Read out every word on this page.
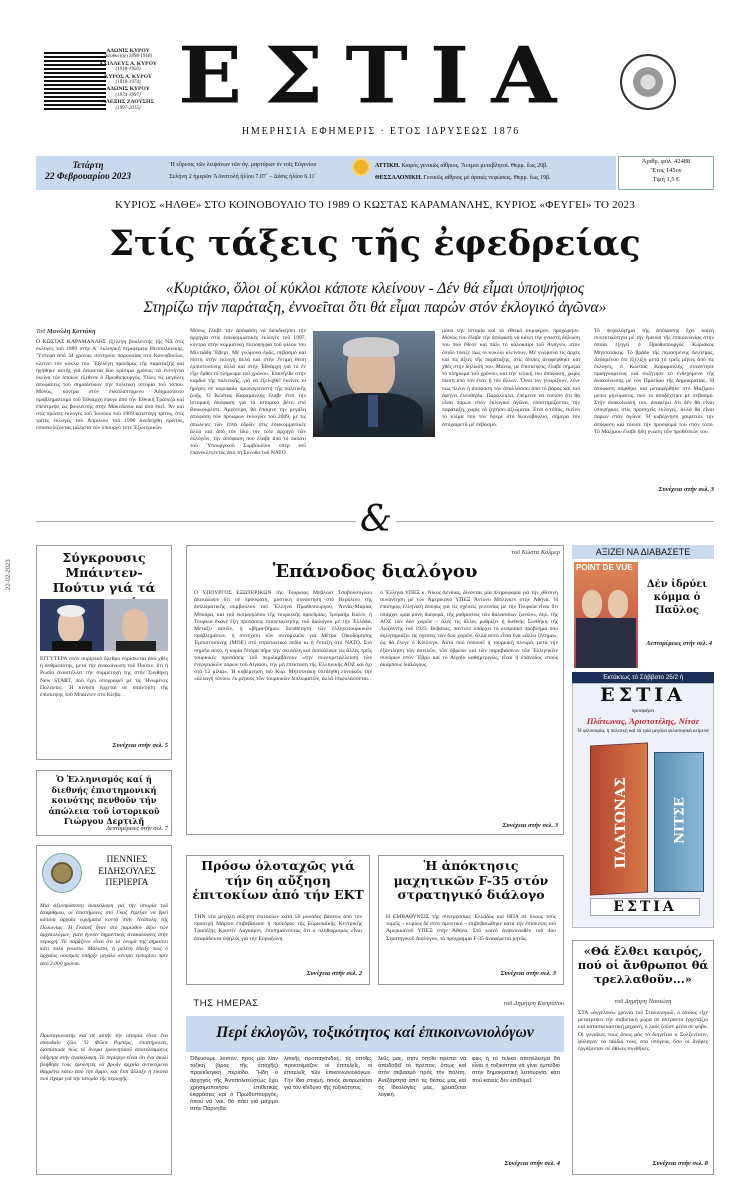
ΑΔΩΝΙΣ ΚΥΡΟΥ
Διευθυντής (1898-1918)
ΑΧΙΛΛΕΥΣ Α. ΚΥΡΟΥ
(1918-1950)
ΚΥΡΟΣ Α. ΚΥΡΟΥ
(1918-1974)
ΑΔΩΝΙΣ ΚΥΡΟΥ
(1974-1997)
ΑΛΕΞΗΣ ΖΑΟΥΣΗΣ
(1997-2015) ΕΣΤΙΑ
ΗΜΕΡΗΣΙΑ ΕΦΗΜΕΡΙΣ · ΕΤΟΣ ΙΔΡΥΣΕΩΣ 1876
Τετάρτη
22 Φεβρουαρίου 2023
Ἡ εὕρεσις τῶν λειψάνων τῶν ἁγ. μαρτύρων ἐν τοῖς Εὐγενίου
Σελήνη 2 ἡμερῶν ἈΑνατολή ἡλίου 7.07΄ – Δύσις ἡλίου 6.11΄
ΑΤΤΙΚΗ. Καιρός γενικῶς αἴθριος. Ἄνεμοι μεταβλητοί. Θερμ. ἕως 20β.
ΘΕΣΣΑΛΟΝΙΚΗ. Γενικῶς αἴθριος μέ ἀραιές νεφώσεις. Θερμ. ἕως 19β.
Ἀριθμ. φύλ. 42488
Ἔτος 145ον
Τιμή 1,5 €
ΚΥΡΙΟΣ «ΗΛΘΕ» ΣΤΟ ΚΟΙΝΟΒΟΥΛΙΟ ΤΟ 1989 Ο ΚΩΣΤΑΣ ΚΑΡΑΜΑΝΛΗΣ, ΚΥΡΙΟΣ «ΦΕΥΓΕΙ» ΤΟ 2023
Στίς τάξεις τῆς ἐφεδρείας
«Κυριάκο, ὅλοι οἱ κύκλοι κάποτε κλείνουν - Δέν θά εἶμαι ὑποψήφιος
Στηρίζω τήν παράταξη, ἐννοεῖται ὅτι θά εἶμαι παρών στόν ἐκλογικό ἀγῶνα»
Τοῦ Μανώλη Κοττάκη
Ο ΚΩΣΤΑΣ ΚΑΡΑΜΑΝΛΗΣ ἐξελέγη βουλευτής τῆς ΝΔ στίς ἐκλογές τοῦ 1989 στήν Α΄ ἐκλογική περιφέρεια Θεσσαλονίκης. Ὕστερα ἀπό 34 χρόνια, συνεχούς παρουσίας στό Κοινοβούλιο, κλείνει τόν κύκλο του. Ἐξελέγη πρόεδρος τῆς παράταξης καί ἡγήθηκε αὐτῆς γιά δεκαετία δύο κρίσιμα χρόνια, τά ἐνενήντα ἐκεῖνα τόν ὁποίων ἐξέθεσε ὁ Πρωθυπουργός. Ὅλες τίς μεγάλες ἀποφάσεις τοῦ σημαδεύουν τήν πολιτική ἱστορία τοῦ τόπου. Μόνος, κόντρα στόν ἐκκολαπτόμενο Ἀδημοσίευτο προβληματισμό τοῦ Ἐθνάρχη ἔφυγε ἀπό τήν Ἐθνική Τράπεζα καί ἐπέστρεψε ὡς βουλευτής στήν Μακεδονία καί ἀπό ἐκεῖ. Ἄν καί στίς πρῶτες ἐκλογές τοῦ Ἰουνίου τοῦ 1989 κατετάγη τρίτος, στίς τρίτες ἐκλογές τοῦ Ἀπριλίου τοῦ 1990 ἀνεδείχθη πρῶτος, ὑποσκελίζοντας μάλιστα τόν ὑπουργό τότε Ἐξωτερικῶν.
Μόνος ἔλαβε τήν ἀπόφαση νά διεκδικήσει τήν ἀρχηγία στίς ἐσωκομματικές ἐκλογές τοῦ 1997, κόντρα στήν κομματική πλειοψηφία τοῦ φίλου του Μιλτιάδη Ἔβερτ. Μέ γνώμονα ἐμᾶς, σεβασμό καί πίστη στήν ἐκλογή ἀλλά καί στήν ἔντιμη θέση ἐμπιστοσύνης ἀλλά καί στήν Ἐθνάρχη γιά τό ἔν εἶχε ἔρθει τό πλήρωμα τοῦ χρόνου. Ἐπανῆλθε στήν καρδιά τῆς πολιτικῆς, γιά νά ἐξελιχθεῖ ἐκείνες οἱ ἡμέρες σέ κορυφαῖο πρωταγωνιστή τῆς πολιτικῆς ζωῆς. Ὁ Κώστας Καραμανλής ἔλαβε ἔτσι τήν ἱστορική ἀπόφαση γιά τό ἱστορικό βέτο στό Βουκουρέστι. Ἀργότερα, θά ἔπαιρνε τήν μεγάλη ἀπόφαση τῶν πρόωρων ἐκλογῶν τοῦ 2009, μέ τίς ἀπώλειες τῶν ἐπτά ἐδρῶν στίς ἐσωκομματικές ἀλλά καί ἀπό τόν ἴδιο τόν τότε ἀρχηγό τῶν ἐκλογῶν, τήν ἀπόφαση πού ἔλαβε ἀπό τό παλάτι τοῦ Ὑπουργικοῦ Συμβουλίου ὑπέρ τοῦ ἐπανεκλεγέντος ἀπό τή Σύνοδο τοῦ ΝΑΤΟ.
μονα τήν ἱστορία καί τό ἐθνικό συμφέρον, προχώρησε. Μόνος του ἔλαβε τήν ἀπόφαση νά κάνει τήν γνωστή δήλωση του πού ἔθεσε καί πάλι τό καλοκαίρι τοῦ Ἀνάγνω, στόν ὁποῖο τόνιζε πώς οἱ κύκλοι κλείνουν. Μέ γνώμονα τίς ἀρχές καί τίς ἀξίες τῆς παράταξης, στίς ὁποῖες ἀναφέρθηκε καί χθές στήν δήλωσή του. Μόνος, μέ ἐπισκέψεις, ἔλαβε σήμερα τό πλήρωμα τοῦ χρόνου, καί τήν τελική του ἀπόφαση, χωρίς πίεση ἀπό τόν ἕναν ἤ τόν ἄλλον. Ὅσοι τόν γνωρίζουν, λένε πώς πλέον ἡ ἀπόφαση τόν ἀπαλλάσσει ἀπό τό βάρος καί τοῦ ἀφήνει ἐλευθερία. Παράλληλα, ἐπέμεινε νά τονίσει ὅτι θά εἶναι παρών στόν ἐκλογικό ἀγῶνα, ὑποστηρίζοντας τήν παράταξη, χωρίς νά ζητήσει ἀξιώματα. Ἐτσι ὁ τόπος, ἐκεῖνο τό κλίμα πού τόν ἔφερε στό Κοινοβούλιο, σήμερα τόν ἀποχαιρετᾶ μέ σεβασμό.
Τό ψυχολόγημα τῆς ἀπόφασης ἔχει κοινή συνεκτικότητα μέ τήν ἔρευνα τῆς ἐπικοινωνίας στήν ὁποία ἐξηγεῖ ὁ Πρωθυπουργός Κυριάκος Μητσοτάκης. Τό βράδυ τῆς περασμένης Δευτέρας, Δεδομένου ὅτι ἐξέλιξη μετά τό τρεῖς μῆνες ἀπό τίς ἐκλογές, ὁ Κώστας Καραμανλής συνάντησε προηγουμένως καί συζήτησε τό ἐνδεχόμενο τῆς ἀνακοίνωσης μέ τόν Πρόεδρο τῆς Δημοκρατίας. Ἡ ἀπόφαση πάρθηκε καί μεταφέρθηκε στό Μαξίμου μέσω μηνύματος, πού τό ἀποδέχτηκε μέ σεβασμό. Στήν ἀνακοίνωσή του, ἀναφέρει ὅτι δέν θά εἶναι ὑποψήφιος στίς προσεχεῖς ἐκλογές, ἀλλά θά εἶναι παρών στόν ἀγῶνα. Ἡ κυβέρνηση χαιρέτισε τήν ἀπόφαση καί τόνισε τήν προσφορά του στόν τόπο. Τό Μαξίμου ἔλαβε ἤδη γνώση τῶν προθέσεών του.
Συνέχεια στήν σελ. 3
&
22-02-2023
Σύγκρουσις Μπάιντεν-Πούτιν γιά τά
ΕΓΓΥΤΕΡΑ στόν πυρηνικό ὄλεθρο εὑρίσκεται ἀπό χθές ἡ ἀνθρωπότης, μετά τήν ἀνακοίνωση τοῦ Πούτιν, ὅτι ἡ Ρωσία ἀναστέλλει τήν συμμετοχή της στήν Συνθήκη New START, πού ἔχει ὑπογραφεῖ μέ τίς Ἡνωμένες Πολιτείες. Ἡ κίνηση ἔρχεται σέ ἀπάντηση τῆς ἐπίσκεψης τοῦ Μπάιντεν στό Κίεβο.
Συνέχεια στήν σελ. 5
Ὁ Ἑλληνισμός καί ἡ διεθνής ἐπιστημονική κοινότης πενθοῦν τήν ἀπώλεια τοῦ ἱστορικοῦ Γιώργου Δερτιλῆ
Λεπτομέρειες στήν σελ. 7
ΠΕΝΝΙΕΣ ΕΙΔΗΣΟΥΛΕΣ ΠΕΡΙΕΡΓΑ
Μιά ἀξιοπρόσεκτη ἀνακάλυψη γιά τήν ἱστορία τοῦ ἀπαρίθμου, οἱ ἐπιστήμονες στό Γκαζ ἔτρεξαν νά βρεῖ κάποια ἀρχαῖα εὑρήματα κοντά στήν Νεάπολη τῆς Πολωνίας. Ἡ Γκασέζ ἦταν στό παρελθόν ἄξιο τῶν ἀρχαιολόγων, γιατί ἔγιναν σημαντικές ἀνακαλύψεις στήν περιοχή. Τό παράξενο εἶναι ὅτι τό ὄνομά της σημαίνει κάτι πολύ γνωστό. Μάλιστα, ἡ μελέτη ἔδειξε πώς ὁ ἀρχαῖος οἰκισμός ὑπῆρξε μεγάλο κέντρο ἐμπορίου πρίν ἀπό 2.000 χρόνια.
Πρωταγωνιστής καί σέ αὐτήν τήν ἱστορία εἶναι ἕνα σπουδαῖο ζῶο. Ὁ Φίλιπ Ριμπέρς, ἐπιστήμονας, διαπίστωσε πώς τό ὄνομα ἐρευνητικοῦ ἀποτελέσματος ὁδήγησε στήν ἀνακάλυψη. Τό περίεργο εἶναι ὅτι ἕνα σκυλί βοήθησε τούς ἐρευνητές νά βροῦν ἀρχαῖα ἀντικείμενα θαμμένα κάτω ἀπό τήν ἄμμο, καί ἔτσι ἄλλαξε ἡ εἰκόνα πού εἴχαμε γιά τήν ἱστορία τῆς περιοχῆς.
τοῦ Κώστα Κόλμερ
Ἐπάνοδος διαλόγου
Ο ΥΠΟΥΡΓΟΣ ΕΞΩΤΕΡΙΚΩΝ τῆς Τουρκίας Μεβλούτ Τσαβούσογλου ἀπεκάλυψε ὅτι σέ πρόσφατη, μυστική συνάντηση στό Βερολίνο τῆς διπλωματικῆς συμβούλου τοῦ Ἕλληνα Πρωθυπουργοῦ, Ἄννας-Μαρίας Μπούρα, καί τοῦ ἐκπροσώπου τῆς τουρκικῆς προεδρίας, Ἰμπραήμ Καλίν, ἡ Τουρκία ἔκανε ἕξη προτάσεις ἐπανεκκίνησης τοῦ διαλόγου μέ τήν Ἑλλάδα. Μεταξύ αὐτῶν, ἡ «βήμα-βήμα» διευθέτηση τῶν ἑλληνοτουρκικῶν προβλημάτων, ἡ συνέχιση τῶν συνομιλιῶν γιά Μέτρα Οἰκοδόμησης Ἐμπιστοσύνης (ΜΟΕ) στό στρατιωτικό πεδίο κι ἡ ἔνταξη στό ΝΑΤΟ. Στό σημεῖο αὐτό, ἡ κυρία Ντόρα πῆρε τήν σκυτάλη καί ἀπεκάλυψε τίς ἄλλες τρεῖς τουρκικές προτάσεις τοῦ περιλαμβάνουν «τήν συνεκμετάλλευση τῶν ἐνεργειακῶν πόρων τοῦ Αἰγαίου, τήν μή ἐπέκταση τῆς Ἑλληνικῆς ΑΟΖ καί ὄχι στά 12 μίλια». Ἡ κυβέρνηση τοῦ Κυρ. Μητσοτάκη ὑπεδέχθη εὐνοϊκῶς τήν «ἀλλαγή τόνου» ἐκ μέρους τῶν τουρκικῶν διπλωματῶν, ἀλλά ἐπιφυλάσσεται.
ὁ Ἕλληνα ΥΠΕΞ κ. Νίκος Δένδιας, δίνοντας μία πληροφορία γιά τήν χθεσινή συνάντηση μέ τόν Ἀμερικανό ΥΠΕΞ Ἄντονυ Μπλίνκεν στήν Ἀθήνα. Ἡ ἐπίσημος ἑλληνική ἄποψις γιά τίς σχέσεις γειτονίας μέ τήν Τουρκία εἶναι ὅτι ὑπάρχει «μία μόνη διαφορά, τῆς ρυθμίσεως τῶν θαλασσίων ζωνῶν», δηλ. τῆς ΑΟΖ τῶν δύο χωρῶν – ὅλες τίς ἄλλες ρυθμίζει ἡ διεθνής Συνθήκη τῆς Λωζάννης τοῦ 1923. Βεβαίως, πάντοτε ὑπάρχει τό κυπριακό πρόβλημα πού δηλητηριάζει τίς σχέσεις τῶν δύο χωρῶν, ἀλλά αὐτό εἶναι ἕνα «ἄλλο ζήτημα», ὡς θά ἔλεγε ὁ Κίπλινγκ. Αὐτό πού ὑπονοεῖ ἡ τουρκική πλευρά, μετά τήν ἐξάντληση τῶν ἀπειλῶν, τῶν ὕβρεων καί τῶν παραβιάσεων τῶν Ἑλληνικῶν συνόρων στόν Ἕβρο καί τό Αἰγαῖο καθημερινῶς, εἶναι ἡ ἐπάνοδος στούς ἀκάρπους διαλόγους.
Συνέχεια στήν σελ. 3
ΑΞΙΖΕΙ ΝΑ ΔΙΑΒΑΣΕΤΕ
POINT DE VUE
Δέν ἰδρύει κόμμα ὁ Παῦλος
Λεπτομέρειες στήν σελ. 4
Ἐκτάκτως τό Σάββατο 25/2 ἡ
ΕΣΤΙΑ
προσφέρει
Πλάτωνας, Ἀριστοτέλης, Νίτσε
Ἡ φιλοσοφία, ἡ πολιτική καί τά τρία μεγάλα φιλοσοφικά κείμενα
ΠΛΑΤΩΝΑΣ	ΝΙΤΣΕ
ΕΣΤΙΑ
Πρόσω ὁλοταχῶς γιά τήν 6η αὔξηση ἐπιτοκίων ἀπό τήν ΕΚΤ
ΤΗΝ νέα μεγάλη αὔξηση ἐπιτοκίων κατά 50 μονάδες βάσεως ἀπό τόν προσεχῆ Μάρτιο ἐπιβεβαίωσε ἡ πρόεδρος τῆς Εὐρωπαϊκῆς Κεντρικῆς Τραπέζης Κριστίν Λαγκάρντ, ἐπισημαίνοντας ὅτι ὁ πληθωρισμός εἶναι ἀπαράδεκτα ὑψηλός γιά τήν Εὐρωζώνη.
Συνέχεια στήν σελ. 2
Ἡ ἀπόκτησις μαχητικῶν F-35 στόν στρατηγικό διάλογο
Η ΕΜΒΑΘΥΝΣΙΣ τῆς συνεργασίας Ἑλλάδος καί ΗΠΑ σέ ὅλους τούς τομεῖς – κυρίως δέ στόν ἀμυντικό – ἐπιβεβαιώθηκε κατά τήν ἐπίσκεψη τοῦ Ἀμερικανοῦ ΥΠΕΞ στήν Ἀθήνα. Στό κοινό ἀνακοινωθέν τοῦ 4ου Στρατηγικοῦ Διαλόγου, τό πρόγραμμα F-35 ἀναφέρεται ρητῶς.
Συνέχεια στήν σελ. 3
ΤΗΣ ΗΜΕΡΑΣ	τοῦ Δημήτρη Καπράνου
Περί ἐκλογῶν, τοξικότητος καί ἐπικοινωνιολόγων
Ὀδεύουμε, λοιπόν, πρός μία λίαν τοξική (ὅρος τῆς ἐποχῆς) προεκλογική περίοδο. Ἤδη ὁ ἀρχηγός τῆς Ἀντιπολιτεύσεως ἔχει χρησιμοποιήσει ἐπιθετικές ἐκφράσεις καί ὁ Πρωθυπουργός, ὅπου νά 'ναι, θά πάει γιά μάχιμο στήν Πάρνηθα.
λιτικῆς προπαγάνδας, τίς ὁποῖες προετοίμαζον οἱ ἐπιτελεῖς, οἱ ἐπιτελεῖς τῶν ἐπικοινωνιολόγων. Τήν ἴδια στιγμή, ποιός ἀναρωτιέται γιά τόν κίνδυνο τῆς τοξικότητος;
λεῦς μας, στόν ὁποῖο πρέπει νά ἀποδοθεῖ τό πρέπον, ὅπως καί στόν σεβασμό πρός τόν πολίτη. Ἀνεξάρτητα ἀπό τίς θέσεις μας καί τίς ἰδεολογίες μας, χρειάζεται λογική.
φιες ἤ τό τελικό ἀποτέλεσμα θά εἶναι ἡ τοξικότητα νά γίνει ἐμπόδιο στήν δημοκρατική λειτουργία, κάτι πού κανείς δέν ἐπιθυμεῖ.
Συνέχεια στήν σελ. 4
«Θά ἔλθει καιρός, πού οἱ ἄνθρωποι θά τρελλαθοῦν...»
τοῦ Δημήτρη Νασιώτη
ΣΤΑ «ἀγγελικά» χρόνια τοῦ Σταλινισμοῦ, ὁ ὁποῖος εἶχε μετατρέψει τήν σοβιετική χώρα σέ ἀπέραντο ἐργοτάξιο καί κατασκευαστική μηχανή, ὁ λαός ζοῦσε μέσα σέ φόβο. Οἱ γυναῖκες τους ὅπως μάς τό διηγεῖται ὁ Σολζενίτσιν, φύλαγαν τά παιδιά τους στά ὑπόγεια, ὅσο οἱ ἄνδρες ἐργάζονταν σέ ἄθλιες συνθῆκες.
Συνέχεια στήν σελ. 8
